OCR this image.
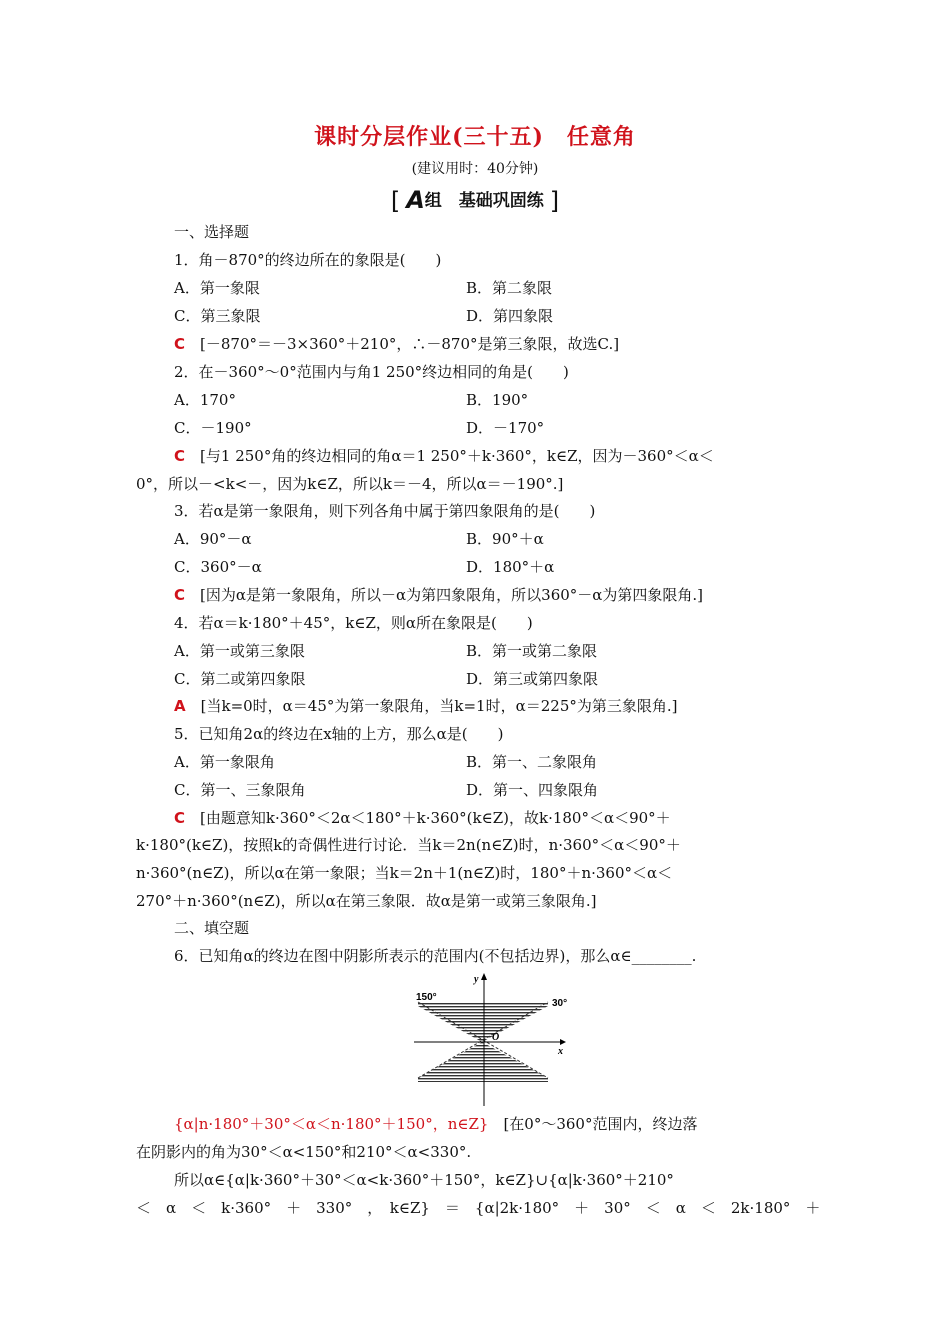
课时分层作业(三十五)　任意角
(建议用时：40分钟)
[ A组　基础巩固练 ]
一、选择题
1．角－870°的终边所在的象限是(　　)
A．第一象限	B．第二象限
C．第三象限	D．第四象限
C　 [－870°＝－3×360°＋210°，∴－870°是第三象限，故选C.]
2．在－360°～0°范围内与角1 250°终边相同的角是(　　)
A．170°	B．190°
C．－190°	D．－170°
C　 [与1 250°角的终边相同的角α＝1 250°＋k·360°，k∈Z，因为－360°＜α＜
0°，所以－<k<－，因为k∈Z，所以k＝－4，所以α＝－190°.]
3．若α是第一象限角，则下列各角中属于第四象限角的是(　　)
A．90°－α	B．90°＋α
C．360°－α	D．180°＋α
C　 [因为α是第一象限角，所以－α为第四象限角，所以360°－α为第四象限角.]
4．若α＝k·180°＋45°，k∈Z，则α所在象限是(　　)
A．第一或第三象限	B．第一或第二象限
C．第二或第四象限	D．第三或第四象限
A　 [当k=0时，α＝45°为第一象限角，当k=1时，α＝225°为第三象限角.]
5．已知角2α的终边在x轴的上方，那么α是(　　)
A．第一象限角	B．第一、二象限角
C．第一、三象限角	D．第一、四象限角
C　 [由题意知k·360°＜2α＜180°＋k·360°(k∈Z)，故k·180°＜α＜90°＋
k·180°(k∈Z)，按照k的奇偶性进行讨论．当k＝2n(n∈Z)时，n·360°＜α＜90°＋
n·360°(n∈Z)，所以α在第一象限；当k＝2n＋1(n∈Z)时，180°＋n·360°＜α＜
270°＋n·360°(n∈Z)，所以α在第三象限．故α是第一或第三象限角.]
二、填空题
6．已知角α的终边在图中阴影所表示的范围内(不包括边界)，那么α∈________.
150°
30°
y
x
O
{α|n·180°＋30°＜α＜n·180°＋150°，n∈Z}　 [在0°～360°范围内，终边落
在阴影内的角为30°＜α<150°和210°＜α<330°.
所以α∈{α|k·360°＋30°＜α<k·360°＋150°，k∈Z}∪{α|k·360°＋210°
＜　α　＜　k·360°　＋　330°　，　k∈Z}　＝　{α|2k·180°　＋　30°　＜　α　＜　2k·180°　＋
